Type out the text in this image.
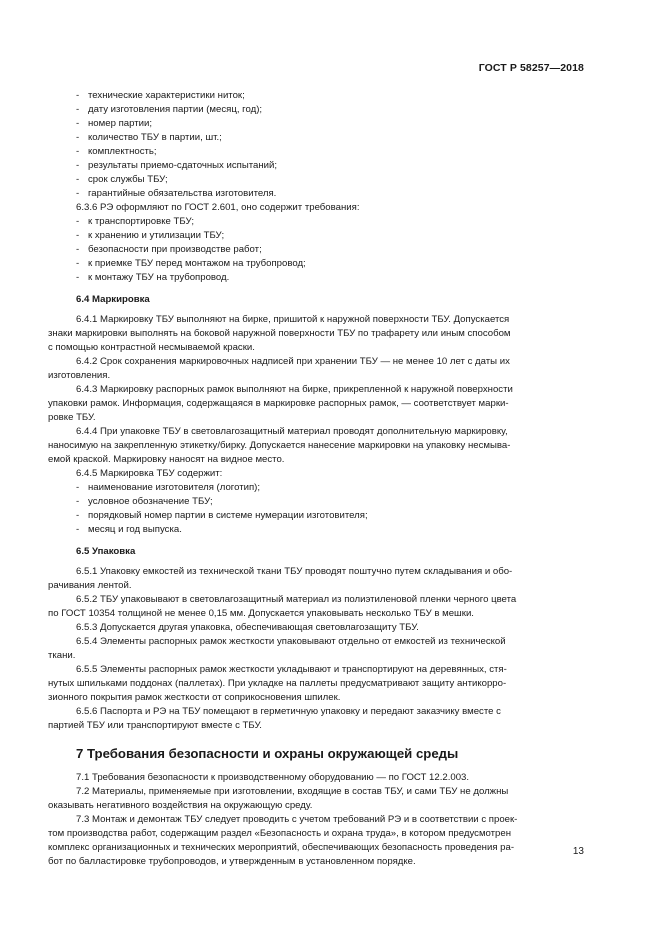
ГОСТ Р 58257—2018
- технические характеристики ниток;
- дату изготовления партии (месяц, год);
- номер партии;
- количество ТБУ в партии, шт.;
- комплектность;
- результаты приемо-сдаточных испытаний;
- срок службы ТБУ;
- гарантийные обязательства изготовителя.
6.3.6 РЭ оформляют по ГОСТ 2.601, оно содержит требования:
- к транспортировке ТБУ;
- к хранению и утилизации ТБУ;
- безопасности при производстве работ;
- к приемке ТБУ перед монтажом на трубопровод;
- к монтажу ТБУ на трубопровод.
6.4 Маркировка
6.4.1 Маркировку ТБУ выполняют на бирке, пришитой к наружной поверхности ТБУ. Допускается
знаки маркировки выполнять на боковой наружной поверхности ТБУ по трафарету или иным способом
с помощью контрастной несмываемой краски.
6.4.2 Срок сохранения маркировочных надписей при хранении ТБУ — не менее 10 лет с даты их
изготовления.
6.4.3 Маркировку распорных рамок выполняют на бирке, прикрепленной к наружной поверхности
упаковки рамок. Информация, содержащаяся в маркировке распорных рамок, — соответствует марки-
ровке ТБУ.
6.4.4 При упаковке ТБУ в световлагозащитный материал проводят дополнительную маркировку,
наносимую на закрепленную этикетку/бирку. Допускается нанесение маркировки на упаковку несмыва-
емой краской. Маркировку наносят на видное место.
6.4.5 Маркировка ТБУ содержит:
- наименование изготовителя (логотип);
- условное обозначение ТБУ;
- порядковый номер партии в системе нумерации изготовителя;
- месяц и год выпуска.
6.5 Упаковка
6.5.1 Упаковку емкостей из технической ткани ТБУ проводят поштучно путем складывания и обо-
рачивания лентой.
6.5.2 ТБУ упаковывают в световлагозащитный материал из полиэтиленовой пленки черного цвета
по ГОСТ 10354 толщиной не менее 0,15 мм. Допускается упаковывать несколько ТБУ в мешки.
6.5.3 Допускается другая упаковка, обеспечивающая световлагозащиту ТБУ.
6.5.4 Элементы распорных рамок жесткости упаковывают отдельно от емкостей из технической
ткани.
6.5.5 Элементы распорных рамок жесткости укладывают и транспортируют на деревянных, стя-
нутых шпильками поддонах (паллетах). При укладке на паллеты предусматривают защиту антикорро-
зионного покрытия рамок жесткости от соприкосновения шпилек.
6.5.6 Паспорта и РЭ на ТБУ помещают в герметичную упаковку и передают заказчику вместе с
партией ТБУ или транспортируют вместе с ТБУ.
7 Требования безопасности и охраны окружающей среды
7.1 Требования безопасности к производственному оборудованию — по ГОСТ 12.2.003.
7.2 Материалы, применяемые при изготовлении, входящие в состав ТБУ, и сами ТБУ не должны
оказывать негативного воздействия на окружающую среду.
7.3 Монтаж и демонтаж ТБУ следует проводить с учетом требований РЭ и в соответствии с проек-
том производства работ, содержащим раздел «Безопасность и охрана труда», в котором предусмотрен
комплекс организационных и технических мероприятий, обеспечивающих безопасность проведения ра-
бот по балластировке трубопроводов, и утвержденным в установленном порядке.
13
